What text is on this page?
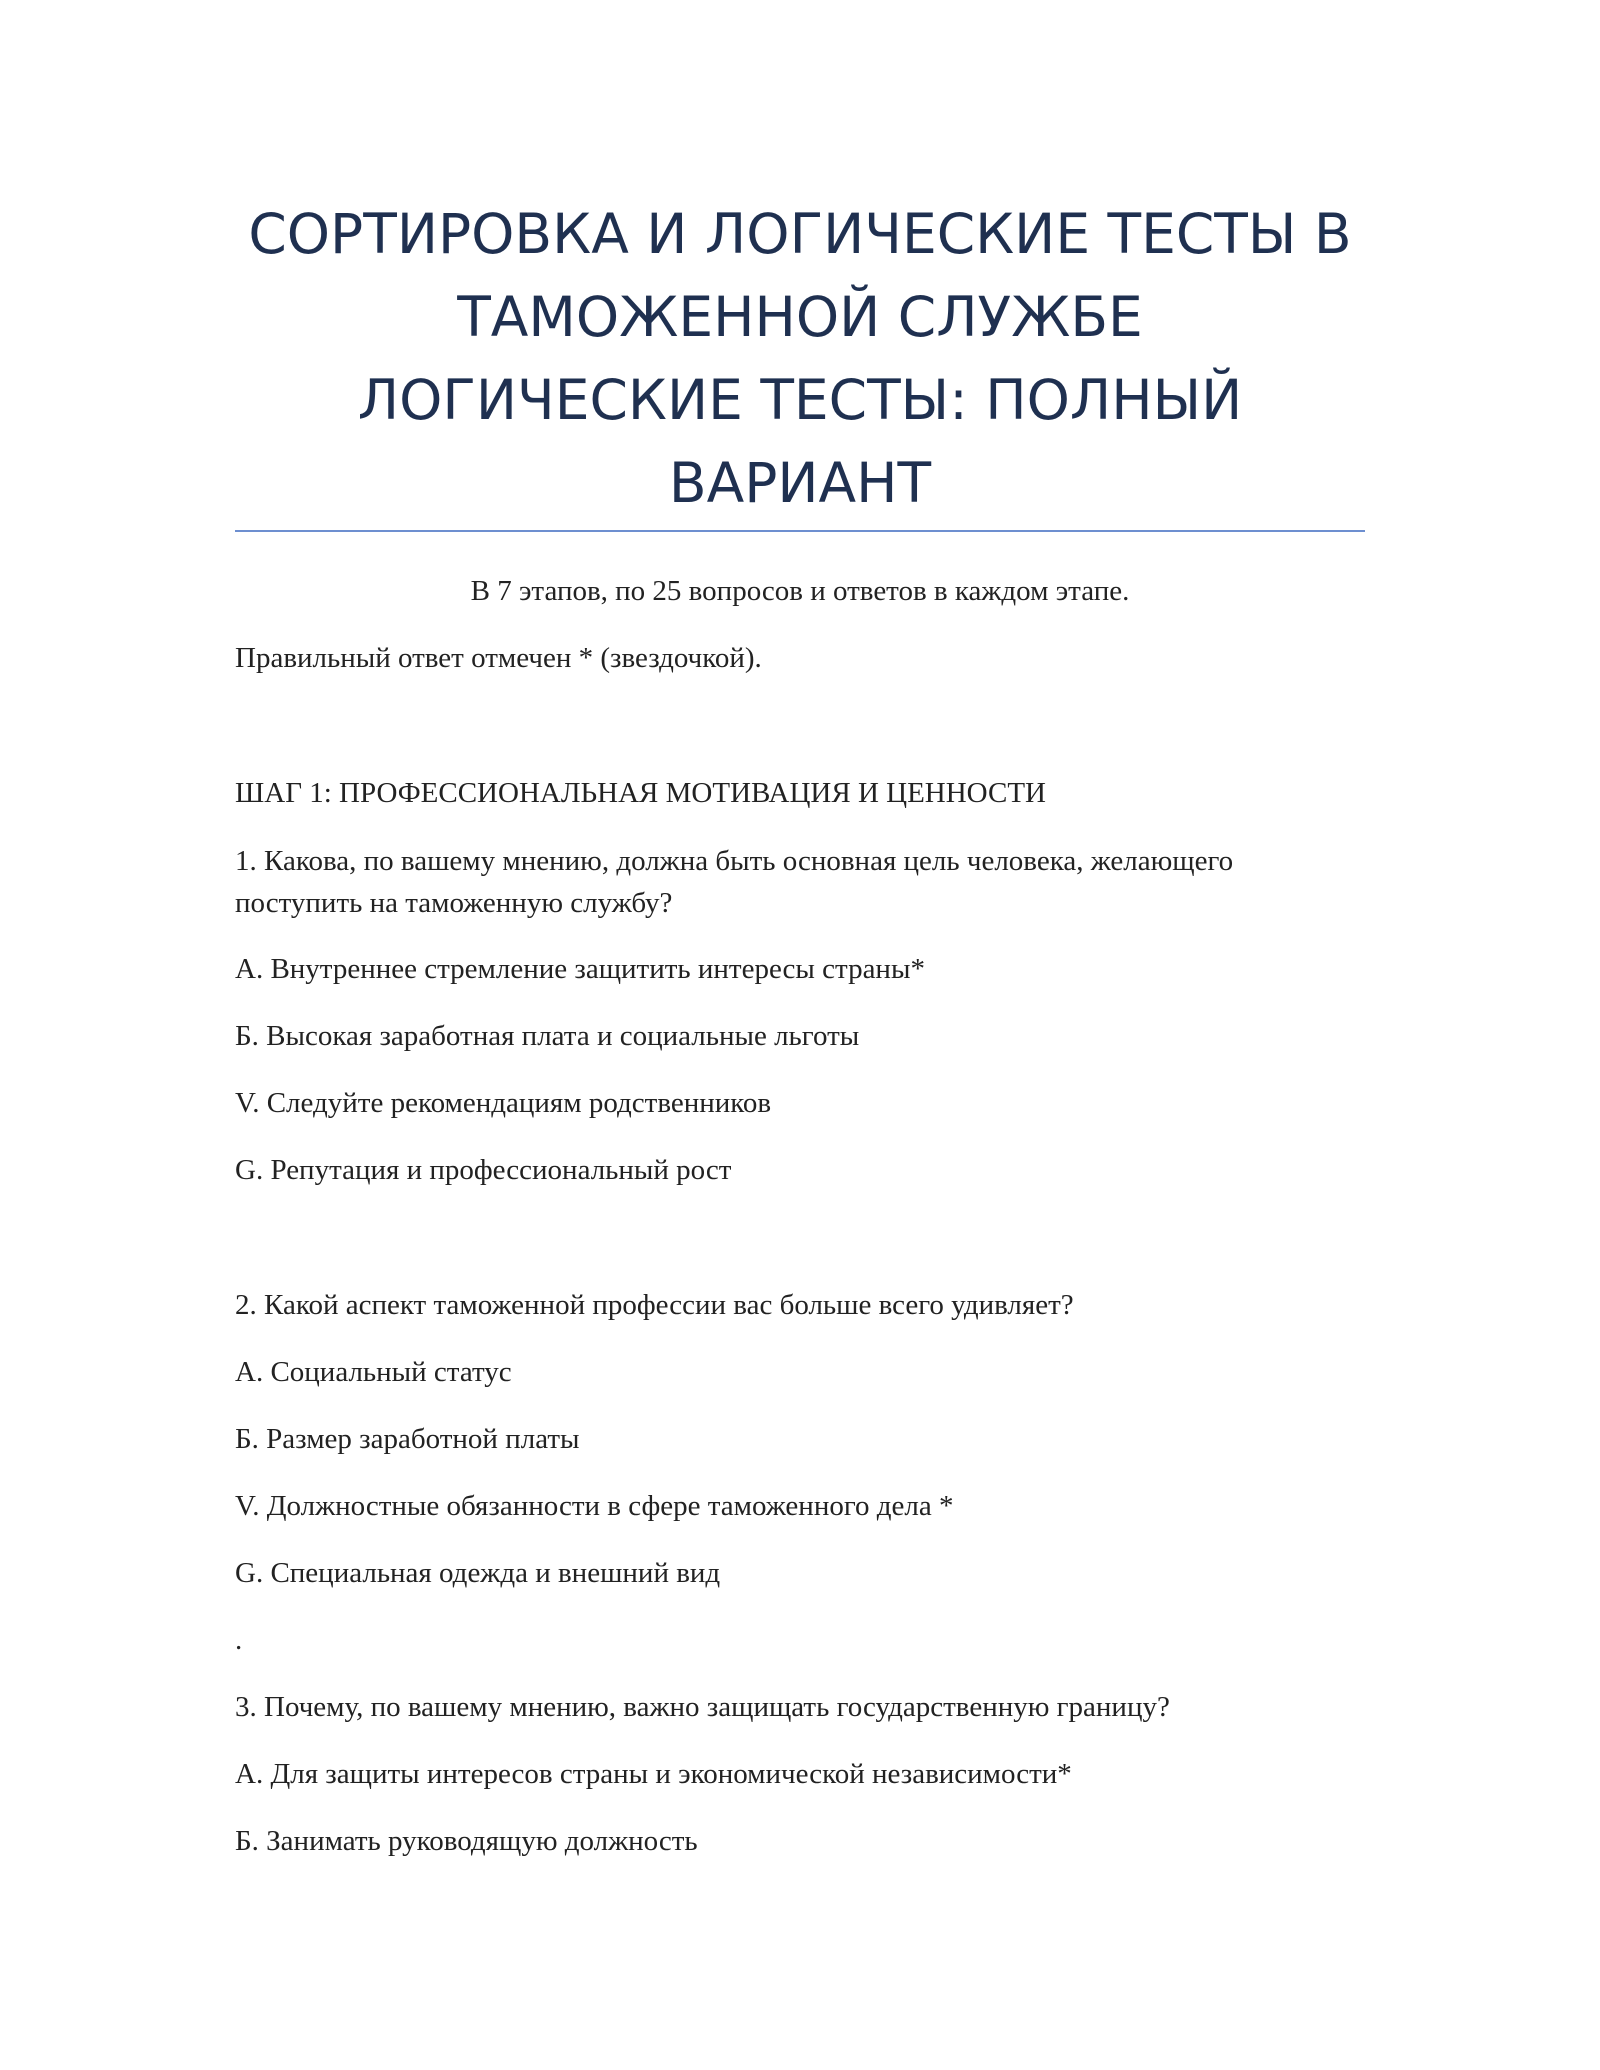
СОРТИРОВКА И ЛОГИЧЕСКИЕ ТЕСТЫ В
ТАМОЖЕННОЙ СЛУЖБЕ
ЛОГИЧЕСКИЕ ТЕСТЫ: ПОЛНЫЙ
ВАРИАНТ

В 7 этапов, по 25 вопросов и ответов в каждом этапе.

Правильный ответ отмечен * (звездочкой).

ШАГ 1: ПРОФЕССИОНАЛЬНАЯ МОТИВАЦИЯ И ЦЕННОСТИ

1. Какова, по вашему мнению, должна быть основная цель человека, желающего

поступить на таможенную службу?

А. Внутреннее стремление защитить интересы страны*

Б. Высокая заработная плата и социальные льготы

V. Следуйте рекомендациям родственников

G. Репутация и профессиональный рост

2. Какой аспект таможенной профессии вас больше всего удивляет?

А. Социальный статус

Б. Размер заработной платы

V. Должностные обязанности в сфере таможенного дела *

G. Специальная одежда и внешний вид

.

3. Почему, по вашему мнению, важно защищать государственную границу?

А. Для защиты интересов страны и экономической независимости*

Б. Занимать руководящую должность
